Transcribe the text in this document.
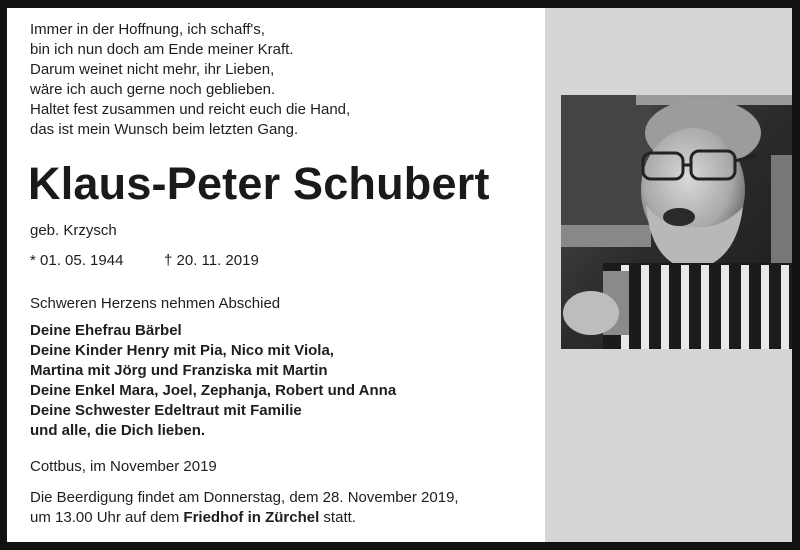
Immer in der Hoffnung, ich schaff's,
bin ich nun doch am Ende meiner Kraft.
Darum weinet nicht mehr, ihr Lieben,
wäre ich auch gerne noch geblieben.
Haltet fest zusammen und reicht euch die Hand,
das ist mein Wunsch beim letzten Gang.
Klaus-Peter Schubert
geb. Krzysch
* 01. 05. 1944	† 20. 11. 2019
Schweren Herzens nehmen Abschied
Deine Ehefrau Bärbel
Deine Kinder Henry mit Pia, Nico mit Viola,
Martina mit Jörg und Franziska mit Martin
Deine Enkel Mara, Joel, Zephanja, Robert und Anna
Deine Schwester Edeltraut mit Familie
und alle, die Dich lieben.
Cottbus, im November 2019
Die Beerdigung findet am Donnerstag, dem 28. November 2019,
um 13.00 Uhr auf dem Friedhof in Zürchel statt.
